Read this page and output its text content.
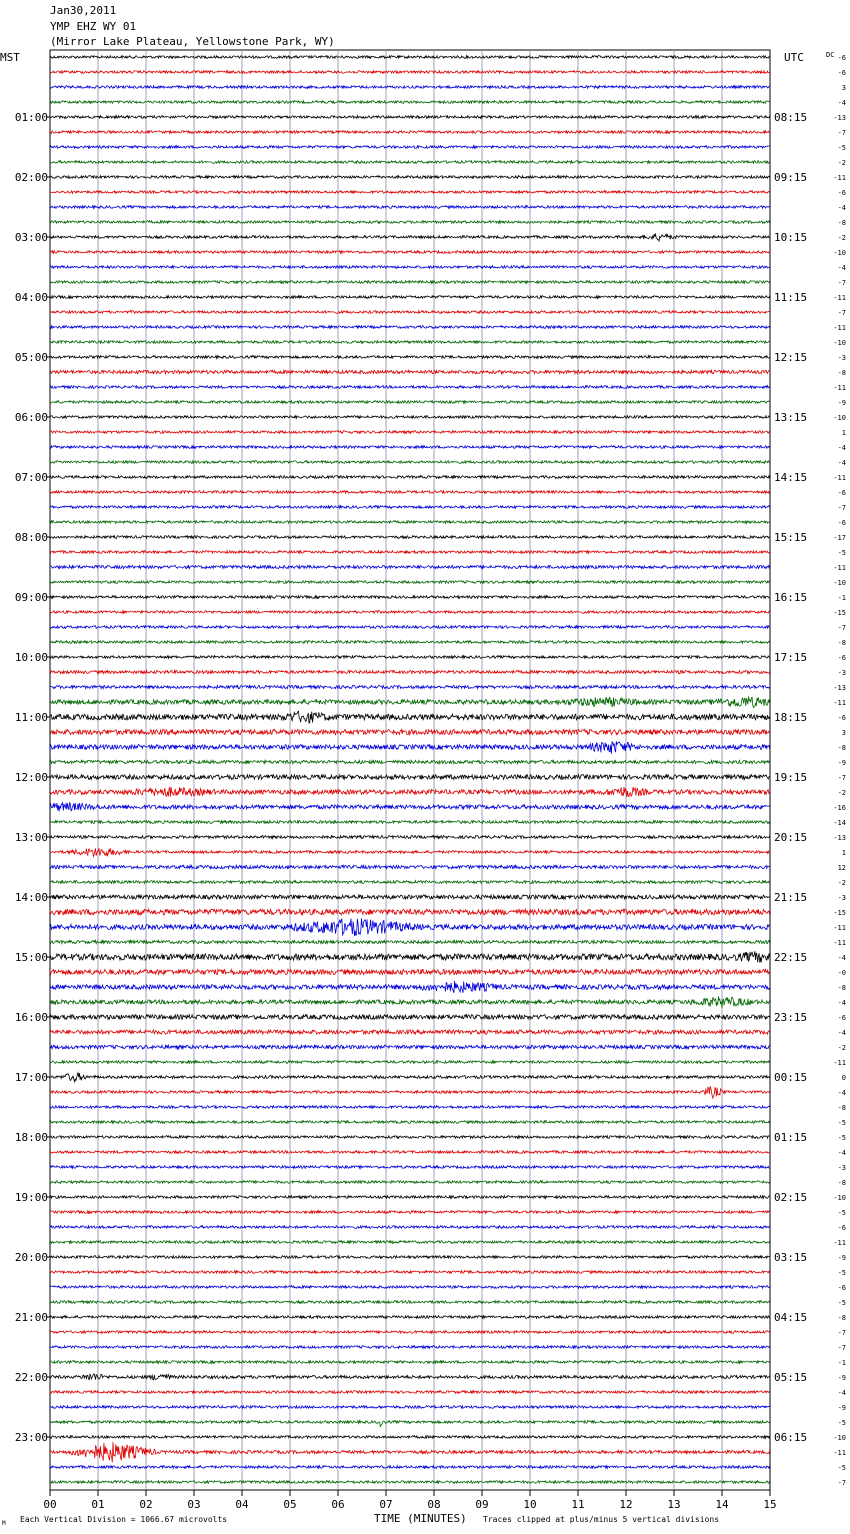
Jan30,2011
YMP EHZ WY 01
(Mirror Lake Plateau, Yellowstone Park, WY)
MST	UTC	DC
01:00
02:00
03:00
04:00
05:00
06:00
07:00
08:00
09:00
10:00
11:00
12:00
13:00
14:00
15:00
16:00
17:00
18:00
19:00
20:00
21:00
22:00
23:00
08:15
09:15
10:15
11:15
12:15
13:15
14:15
15:15
16:15
17:15
18:15
19:15
20:15
21:15
22:15
23:15
00:15
01:15
02:15
03:15
04:15
05:15
06:15
-6
-6
3
-4
-13
-7
-5
-2
-11
-6
-4
-8
-2
-10
-4
-7
-11
-7
-11
-10
-3
-8
-11
-9
-10
1
-4
-4
-11
-6
-7
-6
-17
-5
-11
-10
-1
-15
-7
-8
-6
-3
-13
-11
-6
3
-8
-9
-7
-2
-16
-14
-13
1
12
-2
-3
-15
-11
-11
-4
-0
-8
-4
-6
-4
-2
-11
0
-4
-8
-5
-5
-4
-3
-8
-10
-5
-6
-11
-9
-5
-6
-5
-8
-7
-7
-1
-9
-4
-9
-5
-10
-11
-5
-7
00	01	02	03	04	05	06	07	08	09	10	11	12	13	14	15
Each Vertical Division = 1066.67 microvolts	TIME (MINUTES) Traces clipped at plus/minus 5 vertical divisions
M
